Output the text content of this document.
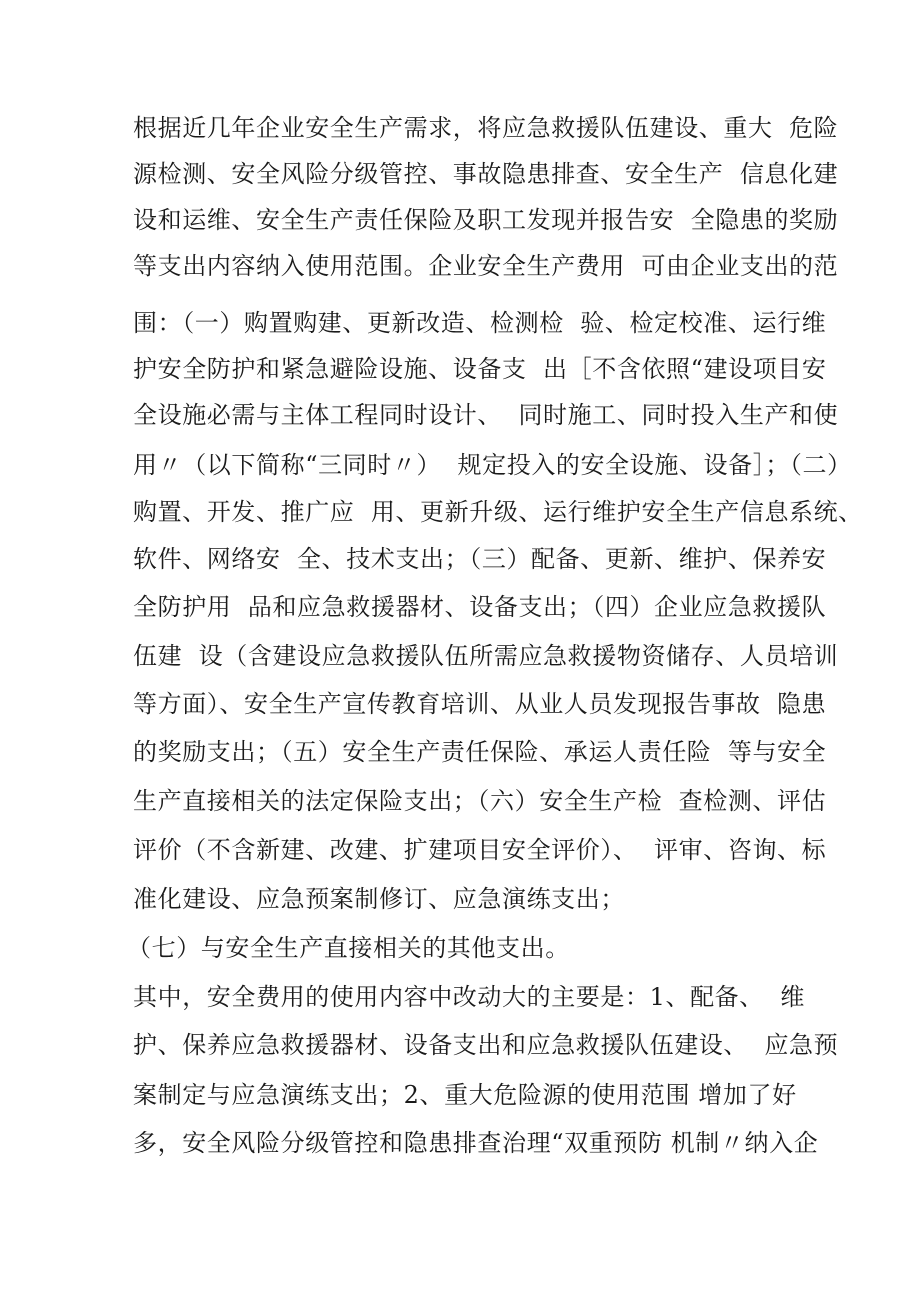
根据近几年企业安全生产需求，将应急救援队伍建设、重大  危险
源检测、安全风险分级管控、事故隐患排查、安全生产  信息化建
设和运维、安全生产责任保险及职工发现并报告安  全隐患的奖励
等支出内容纳入使用范围。企业安全生产费用  可由企业支出的范
围：（一）购置购建、更新改造、检测检  验、检定校准、运行维
护安全防护和紧急避险设施、设备支  出［不含依照“建设项目安
全设施必需与主体工程同时设计、  同时施工、同时投入生产和使
用〃（以下简称“三同时〃）  规定投入的安全设施、设备］；（二）
购置、开发、推广应  用、更新升级、运行维护安全生产信息系统、
软件、网络安  全、技术支出；（三）配备、更新、维护、保养安
全防护用  品和应急救援器材、设备支出；（四）企业应急救援队
伍建  设（含建设应急救援队伍所需应急救援物资储存、人员培训
等方面）、安全生产宣传教育培训、从业人员发现报告事故  隐患
的奖励支出；（五）安全生产责任保险、承运人责任险  等与安全
生产直接相关的法定保险支出；（六）安全生产检  查检测、评估
评价（不含新建、改建、扩建项目安全评价）、  评审、咨询、标
准化建设、应急预案制修订、应急演练支出；
（七）与安全生产直接相关的其他支出。
其中，安全费用的使用内容中改动大的主要是：1、配备、  维
护、保养应急救援器材、设备支出和应急救援队伍建设、  应急预
案制定与应急演练支出；2、重大危险源的使用范围 增加了好
多，安全风险分级管控和隐患排查治理“双重预防 机制〃纳入企
